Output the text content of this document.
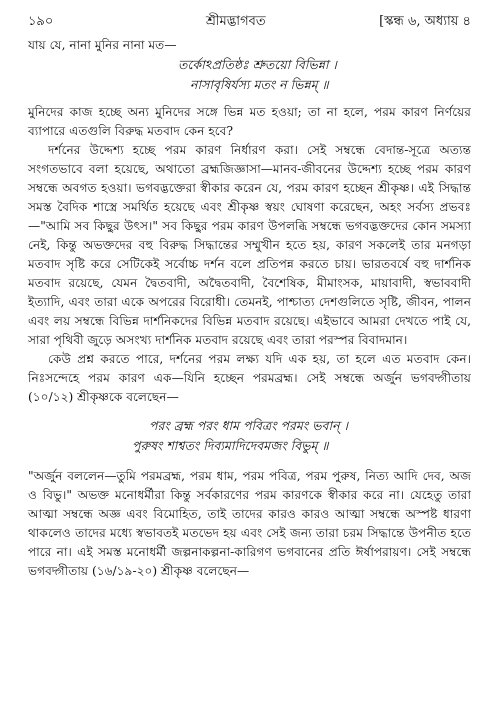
১৯০	শ্রীমদ্ভাগবত	[স্কন্ধ ৬, অধ্যায় ৪
যায় যে, নানা মুনির নানা মত—
তর্কোঽপ্রতিষ্ঠঃ শ্রুতয়ো বিভিন্না ।
নাসাবৃষির্যস্য মতং ন ভিন্নম্ ॥

মুনিদের কাজ হচ্ছে অন্য মুনিদের সঙ্গে ভিন্ন মত হওয়া; তা না হলে, পরম কারণ নির্ণয়ের ব্যাপারে এতগুলি বিরুদ্ধ মতবাদ কেন হবে?

দর্শনের উদ্দেশ্য হচ্ছে পরম কারণ নির্ধারণ করা। সেই সম্বন্ধে বেদান্ত-সূত্রে অত্যন্ত সংগতভাবে বলা হয়েছে, অথাতো ব্রহ্মজিজ্ঞাসা—মানব-জীবনের উদ্দেশ্য হচ্ছে পরম কারণ সম্বন্ধে অবগত হওয়া। ভগবদ্ভক্তেরা স্বীকার করেন যে, পরম কারণ হচ্ছেন শ্রীকৃষ্ণ। এই সিদ্ধান্ত সমস্ত বৈদিক শাস্ত্রে সমর্থিত হয়েছে এবং শ্রীকৃষ্ণ স্বয়ং ঘোষণা করেছেন, অহং সর্বস্য প্রভবঃ—"আমি সব কিছুর উৎস।" সব কিছুর পরম কারণ উপলব্ধি সম্বন্ধে ভগবদ্ভক্তদের কোন সমস্যা নেই, কিন্তু অভক্তদের বহু বিরুদ্ধ সিদ্ধান্তের সম্মুখীন হতে হয়, কারণ সকলেই তার মনগড়া মতবাদ সৃষ্টি করে সেটিকেই সর্বোচ্চ দর্শন বলে প্রতিপন্ন করতে চায়। ভারতবর্ষে বহু দার্শনিক মতবাদ রয়েছে, যেমন দ্বৈতবাদী, অদ্বৈতবাদী, বৈশেষিক, মীমাংসক, মায়াবাদী, স্বভাববাদী ইত্যাদি, এবং তারা একে অপরের বিরোধী। তেমনই, পাশ্চাত্য দেশগুলিতে সৃষ্টি, জীবন, পালন এবং লয় সম্বন্ধে বিভিন্ন দার্শনিকদের বিভিন্ন মতবাদ রয়েছে। এইভাবে আমরা দেখতে পাই যে, সারা পৃথিবী জুড়ে অসংখ্য দার্শনিক মতবাদ রয়েছে এবং তারা পরস্পর বিবাদমান।

কেউ প্রশ্ন করতে পারে, দর্শনের পরম লক্ষ্য যদি এক হয়, তা হলে এত মতবাদ কেন। নিঃসন্দেহে পরম কারণ এক—যিনি হচ্ছেন পরমব্রহ্ম। সেই সম্বন্ধে অর্জুন ভগবদ্গীতায় (১০/১২) শ্রীকৃষ্ণকে বলেছেন—

পরং ব্রহ্ম পরং ধাম পবিত্রং পরমং ভবান্ ।
পুরুষং শাশ্বতং দিব্যমাদিদেবমজং বিভুম্ ॥

"অর্জুন বললেন—তুমি পরমব্রহ্ম, পরম ধাম, পরম পবিত্র, পরম পুরুষ, নিত্য আদি দেব, অজ ও বিভু।" অভক্ত মনোধর্মীরা কিন্তু সর্বকারণের পরম কারণকে স্বীকার করে না। যেহেতু তারা আত্মা সম্বন্ধে অজ্ঞ এবং বিমোহিত, তাই তাদের কারও কারও আত্মা সম্বন্ধে অস্পষ্ট ধারণা থাকলেও তাদের মধ্যে স্বভাবতই মতভেদ হয় এবং সেই জন্য তারা চরম সিদ্ধান্তে উপনীত হতে পারে না। এই সমস্ত মনোধর্মী জল্পনাকল্পনা-কারিগণ ভগবানের প্রতি ঈর্ষাপরায়ণ। সেই সম্বন্ধে ভগবদ্গীতায় (১৬/১৯-২০) শ্রীকৃষ্ণ বলেছেন—
